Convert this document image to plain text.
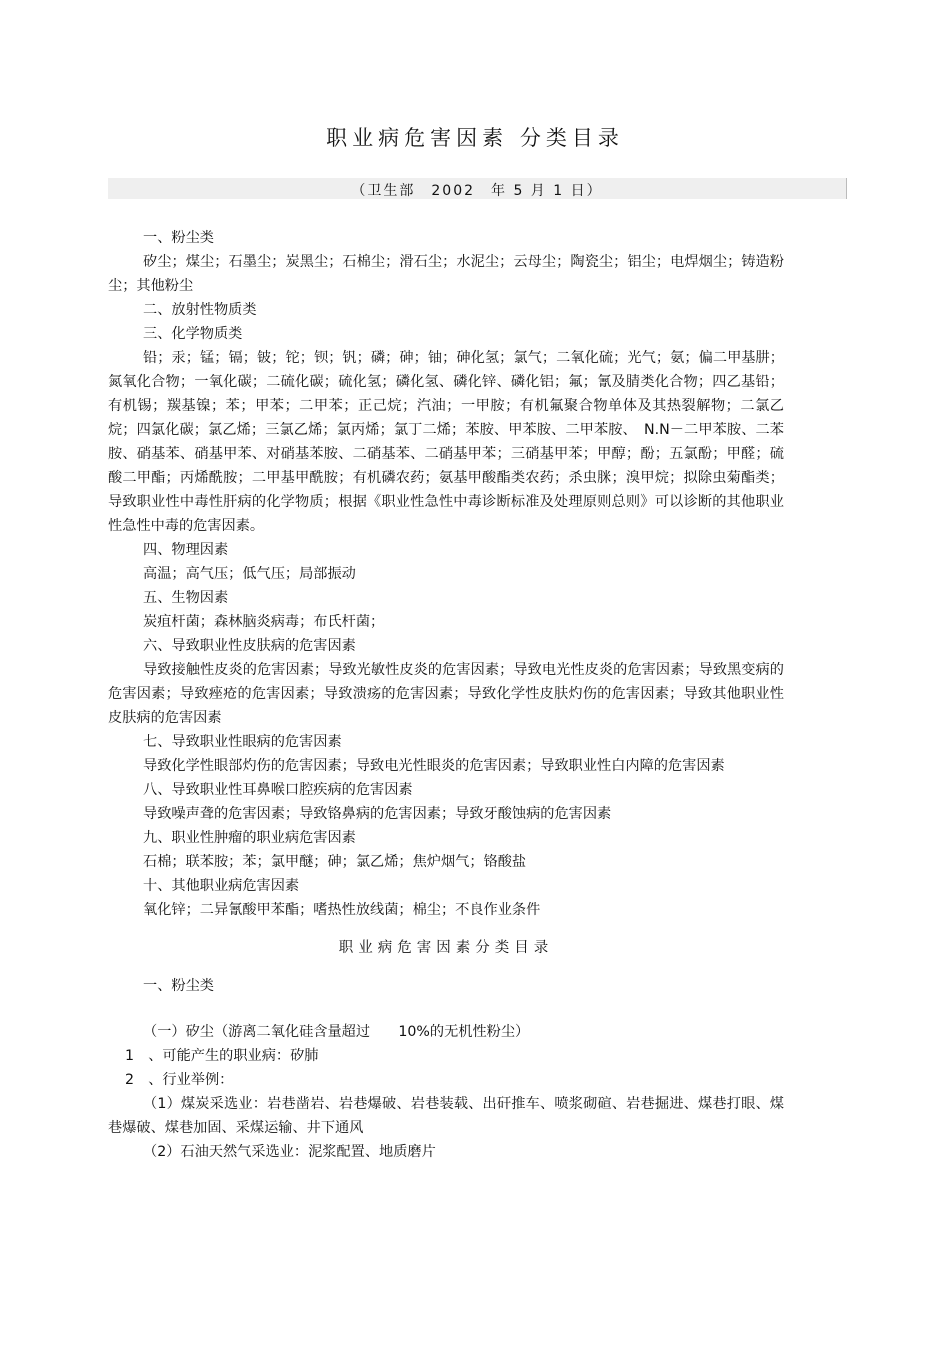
职业病危害因素 分类目录
（卫生部　2002　年 5 月 1 日）

一、粉尘类

矽尘；煤尘；石墨尘；炭黑尘；石棉尘；滑石尘；水泥尘；云母尘；陶瓷尘；铝尘；电焊烟尘；铸造粉尘；其他粉尘

二、放射性物质类

三、化学物质类

铅；汞；锰；镉；铍；铊；钡；钒；磷；砷；铀；砷化氢；氯气；二氧化硫；光气；氨；偏二甲基肼；氮氧化合物；一氧化碳；二硫化碳；硫化氢；磷化氢、磷化锌、磷化铝；氟；氰及腈类化合物；四乙基铅；有机锡；羰基镍；苯；甲苯；二甲苯；正己烷；汽油；一甲胺；有机氟聚合物单体及其热裂解物；二氯乙烷；四氯化碳；氯乙烯；三氯乙烯；氯丙烯；氯丁二烯；苯胺、甲苯胺、二甲苯胺、　N.N－二甲苯胺、二苯胺、硝基苯、硝基甲苯、对硝基苯胺、二硝基苯、二硝基甲苯；三硝基甲苯；甲醇；酚；五氯酚；甲醛；硫酸二甲酯；丙烯酰胺；二甲基甲酰胺；有机磷农药；氨基甲酸酯类农药；杀虫脒；溴甲烷；拟除虫菊酯类；导致职业性中毒性肝病的化学物质；根据《职业性急性中毒诊断标准及处理原则总则》可以诊断的其他职业性急性中毒的危害因素。

四、物理因素

高温；高气压；低气压；局部振动

五、生物因素

炭疽杆菌；森林脑炎病毒；布氏杆菌；

六、导致职业性皮肤病的危害因素

导致接触性皮炎的危害因素；导致光敏性皮炎的危害因素；导致电光性皮炎的危害因素；导致黑变病的危害因素；导致痤疮的危害因素；导致溃疡的危害因素；导致化学性皮肤灼伤的危害因素；导致其他职业性皮肤病的危害因素

七、导致职业性眼病的危害因素

导致化学性眼部灼伤的危害因素；导致电光性眼炎的危害因素；导致职业性白内障的危害因素

八、导致职业性耳鼻喉口腔疾病的危害因素

导致噪声聋的危害因素；导致铬鼻病的危害因素；导致牙酸蚀病的危害因素

九、职业性肿瘤的职业病危害因素

石棉；联苯胺；苯；氯甲醚；砷；氯乙烯；焦炉烟气；铬酸盐

十、其他职业病危害因素

氧化锌；二异氰酸甲苯酯；嗜热性放线菌；棉尘；不良作业条件

职业病危害因素分类目录

一、粉尘类

（一）矽尘（游离二氧化硅含量超过　　10%的无机性粉尘）

1　、可能产生的职业病：矽肺

2　、行业举例：

（1）煤炭采选业：岩巷凿岩、岩巷爆破、岩巷装载、出矸推车、喷浆砌碹、岩巷掘进、煤巷打眼、煤巷爆破、煤巷加固、采煤运输、井下通风

（2）石油天然气采选业：泥浆配置、地质磨片
